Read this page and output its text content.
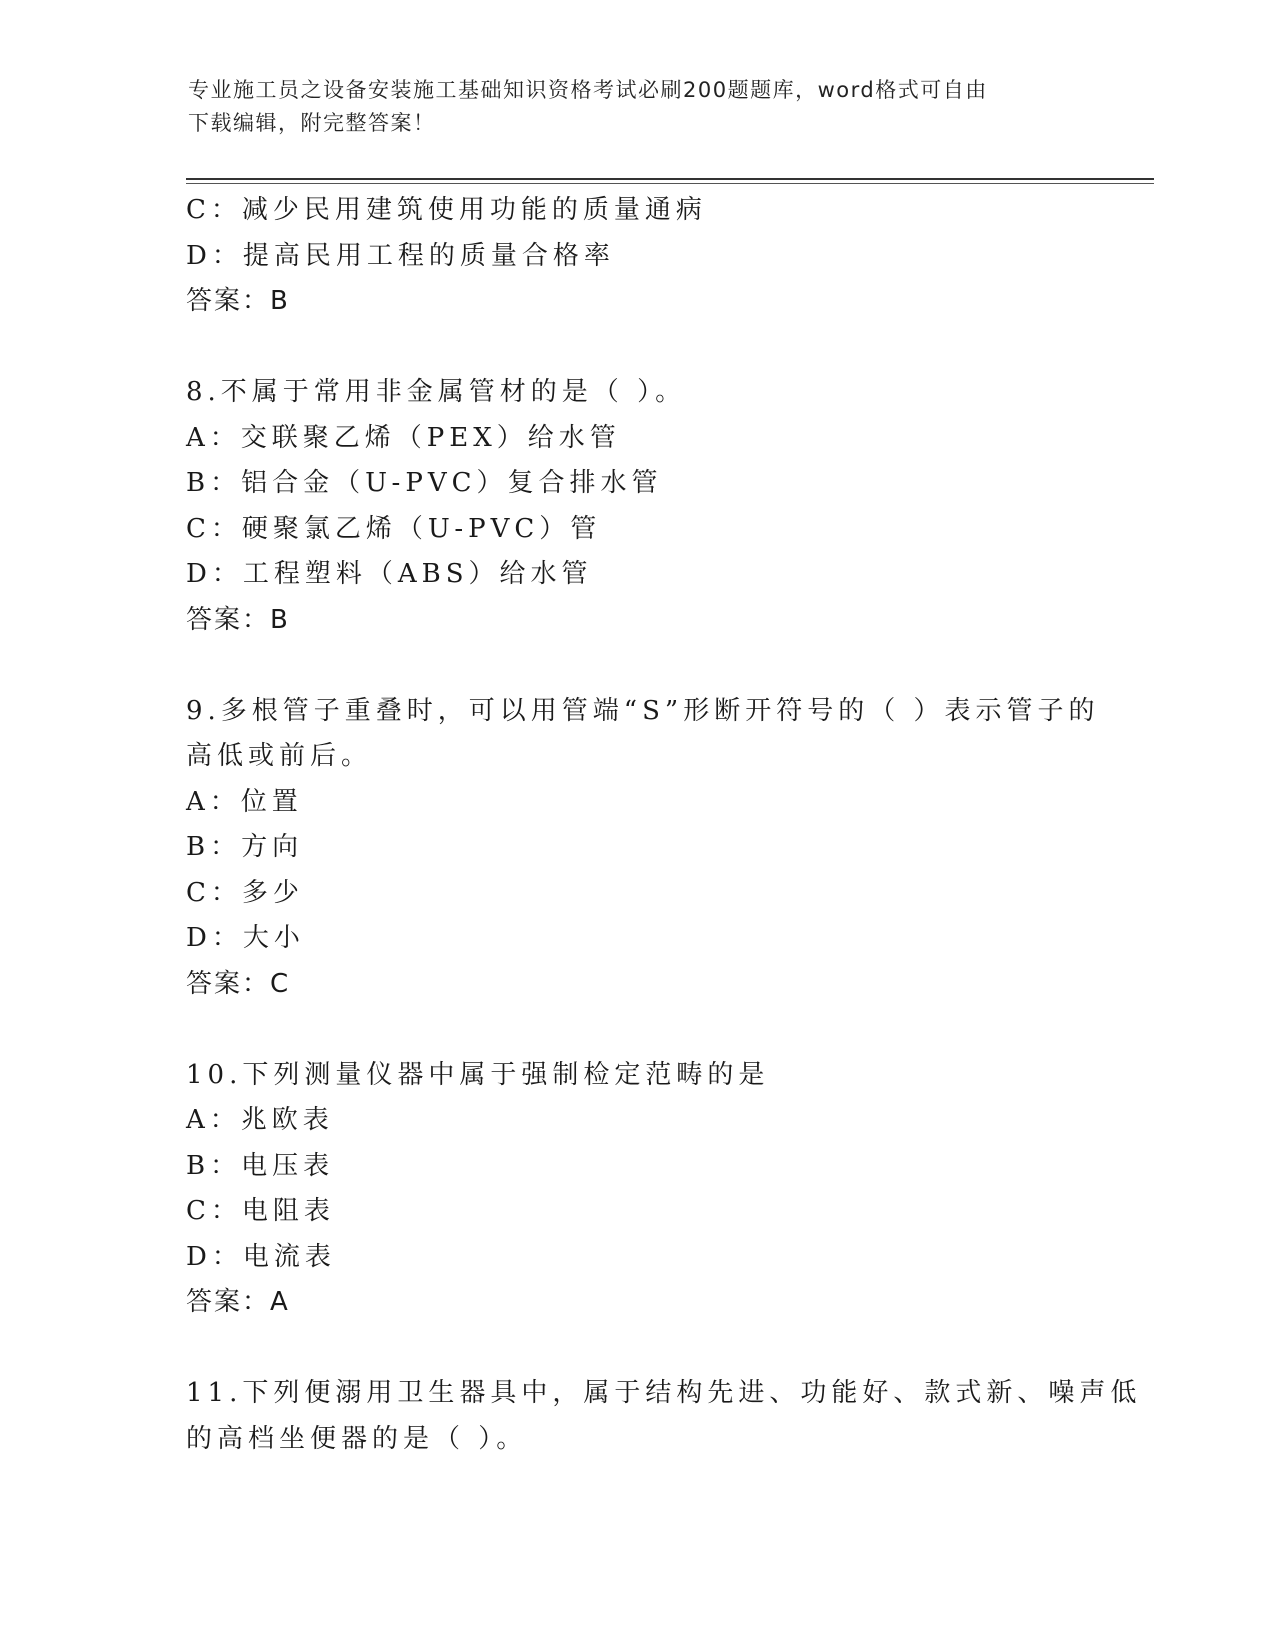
专业施工员之设备安装施工基础知识资格考试必刷200题题库，word格式可自由
下载编辑，附完整答案！
C：减少民用建筑使用功能的质量通病
D：提高民用工程的质量合格率
答案：B
8.不属于常用非金属管材的是（ ）。
A：交联聚乙烯（PEX）给水管
B：铝合金（U-PVC）复合排水管
C：硬聚氯乙烯（U-PVC）管
D：工程塑料（ABS）给水管
答案：B
9.多根管子重叠时，可以用管端“S”形断开符号的（ ）表示管子的
高低或前后。
A：位置
B：方向
C：多少
D：大小
答案：C
10.下列测量仪器中属于强制检定范畴的是
A：兆欧表
B：电压表
C：电阻表
D：电流表
答案：A
11.下列便溺用卫生器具中，属于结构先进、功能好、款式新、噪声低
的高档坐便器的是（ ）。
